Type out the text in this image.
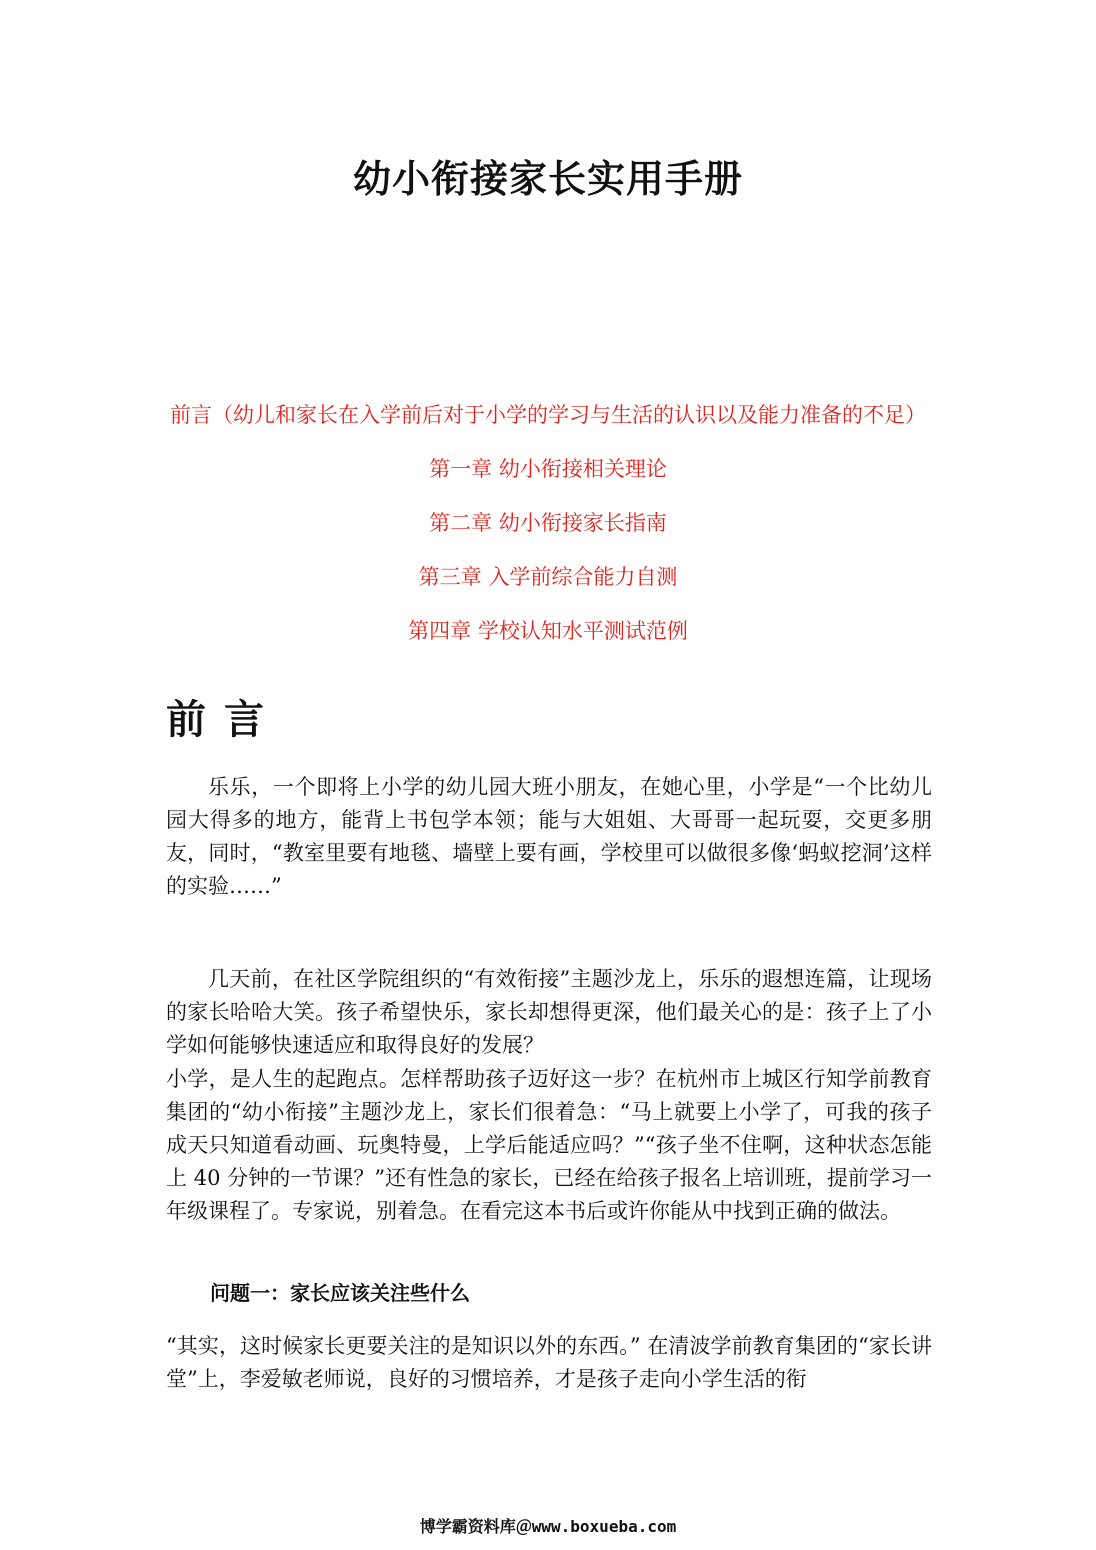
幼小衔接家长实用手册
前言（幼儿和家长在入学前后对于小学的学习与生活的认识以及能力准备的不足）
第一章 幼小衔接相关理论
第二章 幼小衔接家长指南
第三章 入学前综合能力自测
第四章 学校认知水平测试范例
前言

乐乐，一个即将上小学的幼儿园大班小朋友，在她心里，小学是“一个比幼儿园大得多的地方，能背上书包学本领；能与大姐姐、大哥哥一起玩耍，交更多朋友，同时，“教室里要有地毯、墙壁上要有画，学校里可以做很多像‘蚂蚁挖洞’这样的实验……”

几天前，在社区学院组织的“有效衔接”主题沙龙上，乐乐的遐想连篇，让现场的家长哈哈大笑。孩子希望快乐，家长却想得更深，他们最关心的是：孩子上了小学如何能够快速适应和取得良好的发展？

小学，是人生的起跑点。怎样帮助孩子迈好这一步？在杭州市上城区行知学前教育集团的“幼小衔接”主题沙龙上，家长们很着急：“马上就要上小学了，可我的孩子成天只知道看动画、玩奥特曼，上学后能适应吗？”“孩子坐不住啊，这种状态怎能上 40 分钟的一节课？”还有性急的家长，已经在给孩子报名上培训班，提前学习一年级课程了。专家说，别着急。在看完这本书后或许你能从中找到正确的做法。

问题一：家长应该关注些什么

“其实，这时候家长更要关注的是知识以外的东西。” 在清波学前教育集团的“家长讲堂”上，李爱敏老师说，良好的习惯培养，才是孩子走向小学生活的衔

博学霸资料库＠www.boxueba.com
